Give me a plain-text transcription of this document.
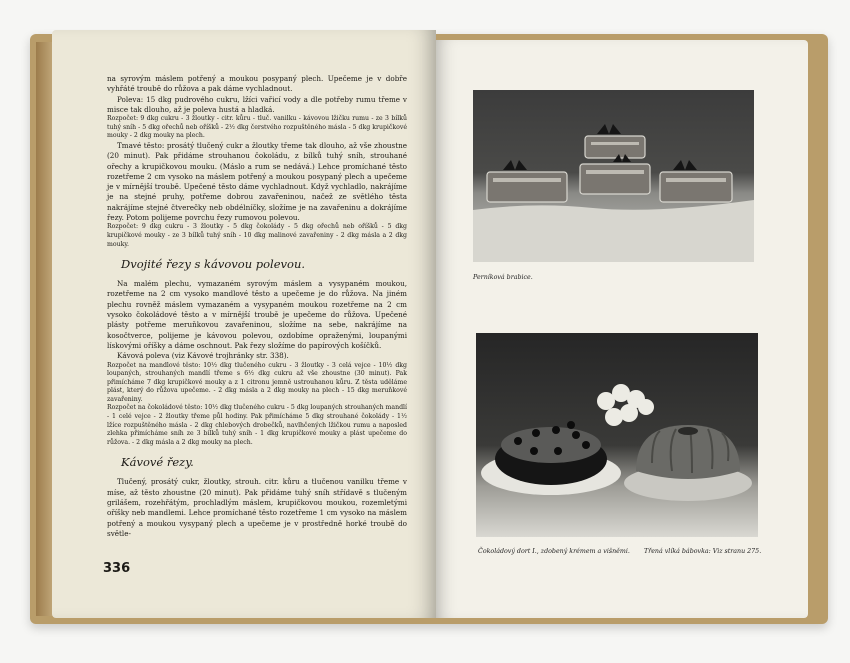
na syrovým máslem potřený a moukou posypaný plech. Upečeme je v dobře vyhřáté troubě do růžova a pak dáme vychladnout.

Poleva: 15 dkg pudrového cukru, lžíci vařicí vody a dle potřeby rumu třeme v misce tak dlouho, až je poleva hustá a hladká.

Rozpočet: 9 dkg cukru - 3 žloutky - citr. kůru - tluč. vanilku - kávovou lžičku rumu - ze 3 bílků tuhý sníh - 5 dkg ořechů neb oříšků - 2½ dkg čerstvého rozpuštěného másla - 5 dkg krupičkové mouky - 2 dkg mouky na plech.

Tmavé těsto: prosátý tlučený cukr a žloutky třeme tak dlouho, až vše zhoustne (20 minut). Pak přidáme strouhanou čokoládu, z bílků tuhý sníh, strouhané ořechy a krupičkovou mouku. (Máslo a rum se nedává.) Lehce promíchané těsto rozetřeme 2 cm vysoko na máslem potřený a moukou posypaný plech a upečeme je v mírnější troubě. Upečené těsto dáme vychladnout. Když vychladlo, nakrájíme je na stejné pruhy, potřeme dobrou zavařeninou, načež ze světlého těsta nakrájíme stejné čtverečky neb obdélníčky, složíme je na zavařeninu a dokrájíme řezy. Potom polijeme povrchu řezy rumovou polevou.

Rozpočet: 9 dkg cukru - 3 žloutky - 5 dkg čokolády - 5 dkg ořechů neb oříšků - 5 dkg krupičkové mouky - ze 3 bílků tuhý sníh - 10 dkg malinové zavařeniny - 2 dkg másla a 2 dkg mouky.

Dvojité řezy s kávovou polevou.

Na malém plechu, vymazaném syrovým máslem a vysypaném moukou, rozetřeme na 2 cm vysoko mandlové těsto a upečeme je do růžova. Na jiném plechu rovněž máslem vymazaném a vysypaném moukou rozetřeme na 2 cm vysoko čokoládové těsto a v mírnější troubě je upečeme do růžova. Upečené plásty potřeme meruňkovou zavařeninou, složíme na sebe, nakrájíme na kosočtverce, polijeme je kávovou polevou, ozdobíme opraženými, loupanými lískovými oříšky a dáme oschnout. Pak řezy složíme do papírových košíčků.

Kávová poleva (viz Kávové trojhránky str. 338).

Rozpočet na mandlové těsto: 10½ dkg tlučeného cukru - 3 žloutky - 3 celá vejce - 10½ dkg loupaných, strouhaných mandlí třeme s 6½ dkg cukru až vše zhoustne (30 minut). Pak přimícháme 7 dkg krupičkové mouky a z 1 citronu jemně ustrouhanou kůru. Z těsta uděláme plást, který do růžova upečeme. - 2 dkg másla a 2 dkg mouky na plech - 15 dkg meruňkové zavařeniny.

Rozpočet na čokoládové těsto: 10½ dkg tlučeného cukru - 5 dkg loupaných strouhaných mandlí - 1 celé vejce - 2 žloutky třeme půl hodiny. Pak přimícháme 5 dkg strouhané čokolády - 1½ lžíce rozpuštěného másla - 2 dkg chlebových drobečků, navlhčených lžičkou rumu a naposled zlehka přimícháme sníh ze 3 bílků tuhý sníh - 1 dkg krupičkové mouky a plást upečeme do růžova. - 2 dkg másla a 2 dkg mouky na plech.

Kávové řezy.

Tlučený, prosátý cukr, žloutky, strouh. citr. kůru a tlučenou vanilku třeme v míse, až těsto zhoustne (20 minut). Pak přidáme tuhý sníh střídavě s tlučeným grilášem, rozehřátým, prochladlým máslem, krupičkovou moukou, rozemletými oříšky neb mandlemi. Lehce promíchané těsto rozetřeme 1 cm vysoko na máslem potřený a moukou vysypaný plech a upečeme je v prostředně horké troubě do světle-

336
Perníková brabice.
Čokoládový dort I., zdobený krémem a višněmi. Třená vlíká bábovka: Viz stranu 275.
